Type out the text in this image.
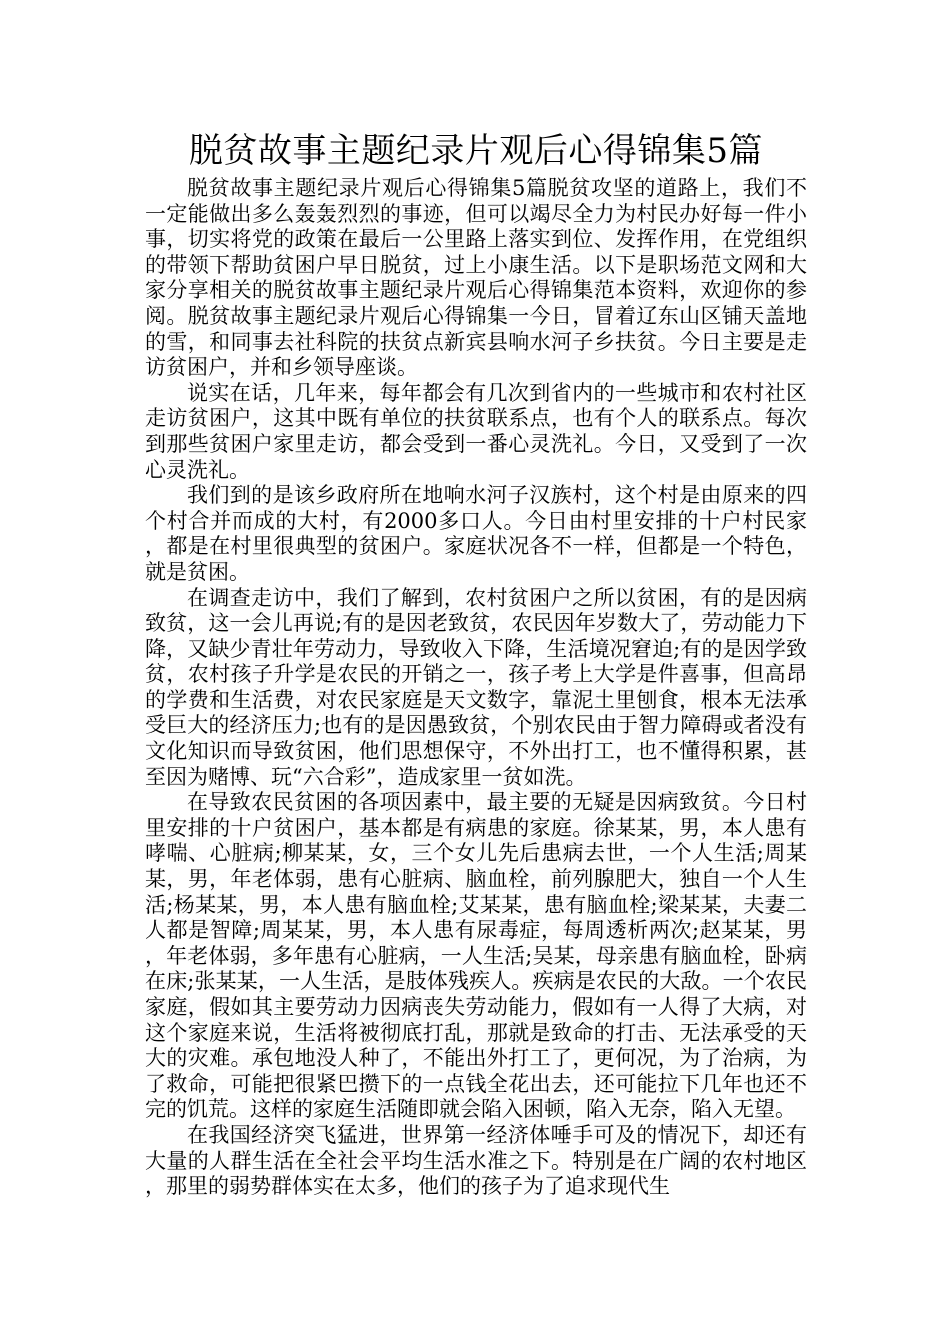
脱贫故事主题纪录片观后心得锦集5篇

脱贫故事主题纪录片观后心得锦集5篇脱贫攻坚的道路上，我们不一定能做出多么轰轰烈烈的事迹，但可以竭尽全力为村民办好每一件小事，切实将党的政策在最后一公里路上落实到位、发挥作用，在党组织的带领下帮助贫困户早日脱贫，过上小康生活。以下是职场范文网和大家分享相关的脱贫故事主题纪录片观后心得锦集范本资料，欢迎你的参阅。脱贫故事主题纪录片观后心得锦集一今日，冒着辽东山区铺天盖地的雪，和同事去社科院的扶贫点新宾县响水河子乡扶贫。今日主要是走访贫困户，并和乡领导座谈。

说实在话，几年来，每年都会有几次到省内的一些城市和农村社区走访贫困户，这其中既有单位的扶贫联系点，也有个人的联系点。每次到那些贫困户家里走访，都会受到一番心灵洗礼。今日，又受到了一次心灵洗礼。

我们到的是该乡政府所在地响水河子汉族村，这个村是由原来的四个村合并而成的大村，有2000多口人。今日由村里安排的十户村民家，都是在村里很典型的贫困户。家庭状况各不一样，但都是一个特色，就是贫困。

在调查走访中，我们了解到，农村贫困户之所以贫困，有的是因病致贫，这一会儿再说;有的是因老致贫，农民因年岁数大了，劳动能力下降，又缺少青壮年劳动力，导致收入下降，生活境况窘迫;有的是因学致贫，农村孩子升学是农民的开销之一，孩子考上大学是件喜事，但高昂的学费和生活费，对农民家庭是天文数字，靠泥土里刨食，根本无法承受巨大的经济压力;也有的是因愚致贫，个别农民由于智力障碍或者没有文化知识而导致贫困，他们思想保守，不外出打工，也不懂得积累，甚至因为赌博、玩“六合彩”，造成家里一贫如洗。

在导致农民贫困的各项因素中，最主要的无疑是因病致贫。今日村里安排的十户贫困户，基本都是有病患的家庭。徐某某，男，本人患有哮喘、心脏病;柳某某，女，三个女儿先后患病去世，一个人生活;周某某，男，年老体弱，患有心脏病、脑血栓，前列腺肥大，独自一个人生活;杨某某，男，本人患有脑血栓;艾某某，患有脑血栓;梁某某，夫妻二人都是智障;周某某，男，本人患有尿毒症，每周透析两次;赵某某，男，年老体弱，多年患有心脏病，一人生活;吴某，母亲患有脑血栓，卧病在床;张某某，一人生活，是肢体残疾人。疾病是农民的大敌。一个农民家庭，假如其主要劳动力因病丧失劳动能力，假如有一人得了大病，对这个家庭来说，生活将被彻底打乱，那就是致命的打击、无法承受的天大的灾难。承包地没人种了，不能出外打工了，更何况，为了治病，为了救命，可能把很紧巴攒下的一点钱全花出去，还可能拉下几年也还不完的饥荒。这样的家庭生活随即就会陷入困顿，陷入无奈，陷入无望。

在我国经济突飞猛进，世界第一经济体唾手可及的情况下，却还有大量的人群生活在全社会平均生活水准之下。特别是在广阔的农村地区，那里的弱势群体实在太多，他们的孩子为了追求现代生
